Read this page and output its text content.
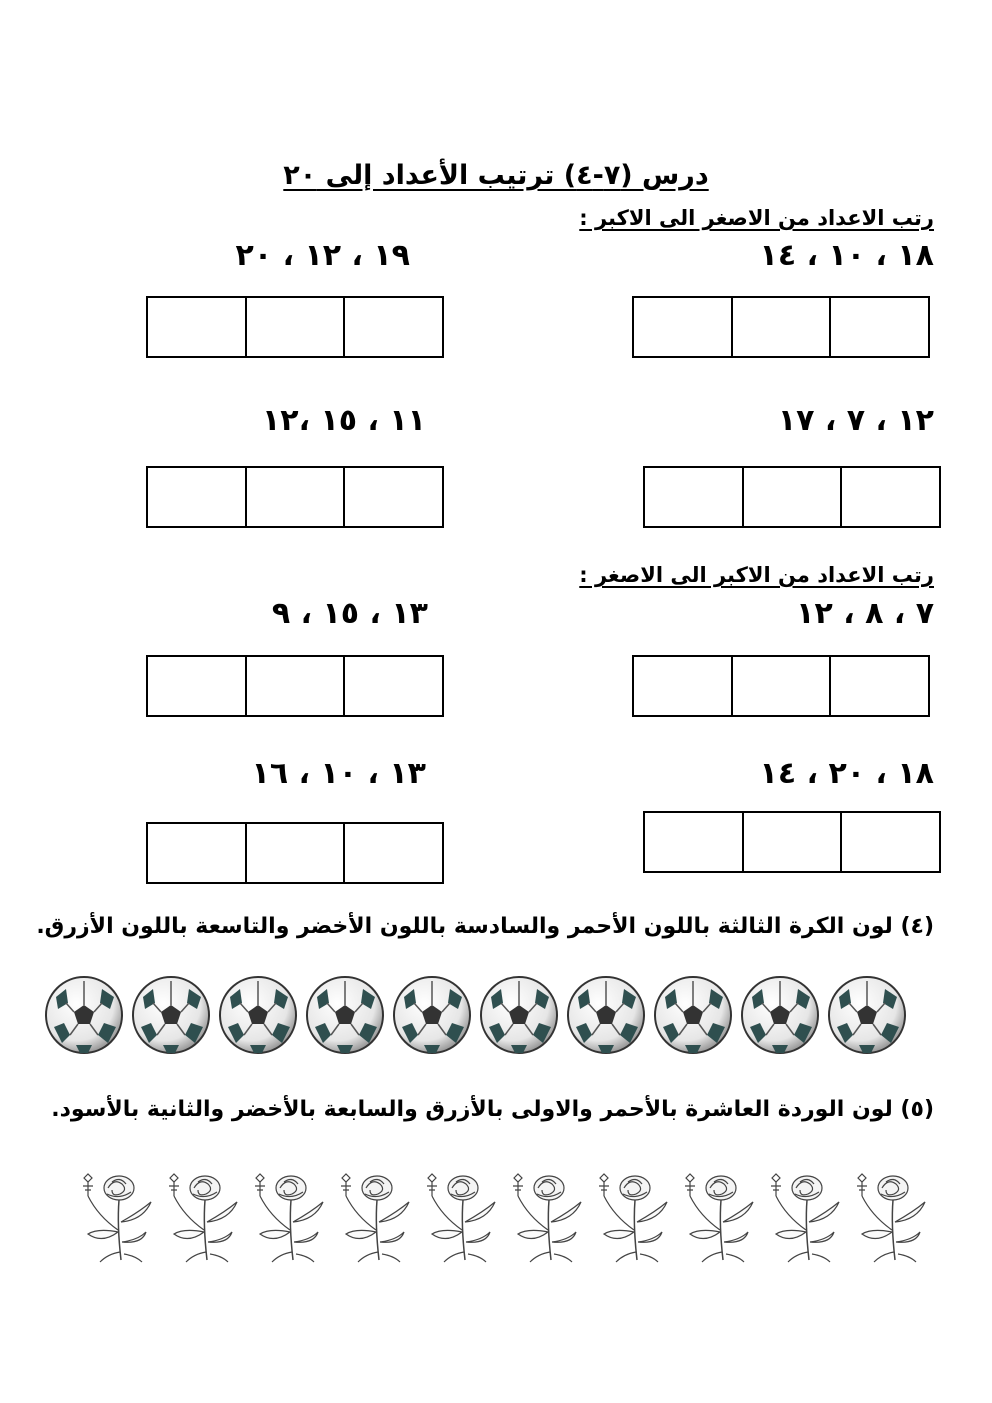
درس (٧-٤) ترتيب الأعداد إلى ٢٠
رتب الاعداد من الاصغر الى الاكبر :
١٨ ، ١٠ ، ١٤
١٩ ، ١٢ ، ٢٠
١٢ ، ٧ ، ١٧
١١ ، ١٥ ،١٢
رتب الاعداد من الاكبر الى الاصغر :
٧ ، ٨ ، ١٢
١٣ ، ١٥ ، ٩
١٨ ، ٢٠ ، ١٤
١٣ ، ١٠ ، ١٦
(٤) لون الكرة الثالثة باللون الأحمر والسادسة باللون الأخضر والتاسعة باللون الأزرق.
(٥) لون الوردة العاشرة بالأحمر والاولى بالأزرق والسابعة بالأخضر والثانية بالأسود.
